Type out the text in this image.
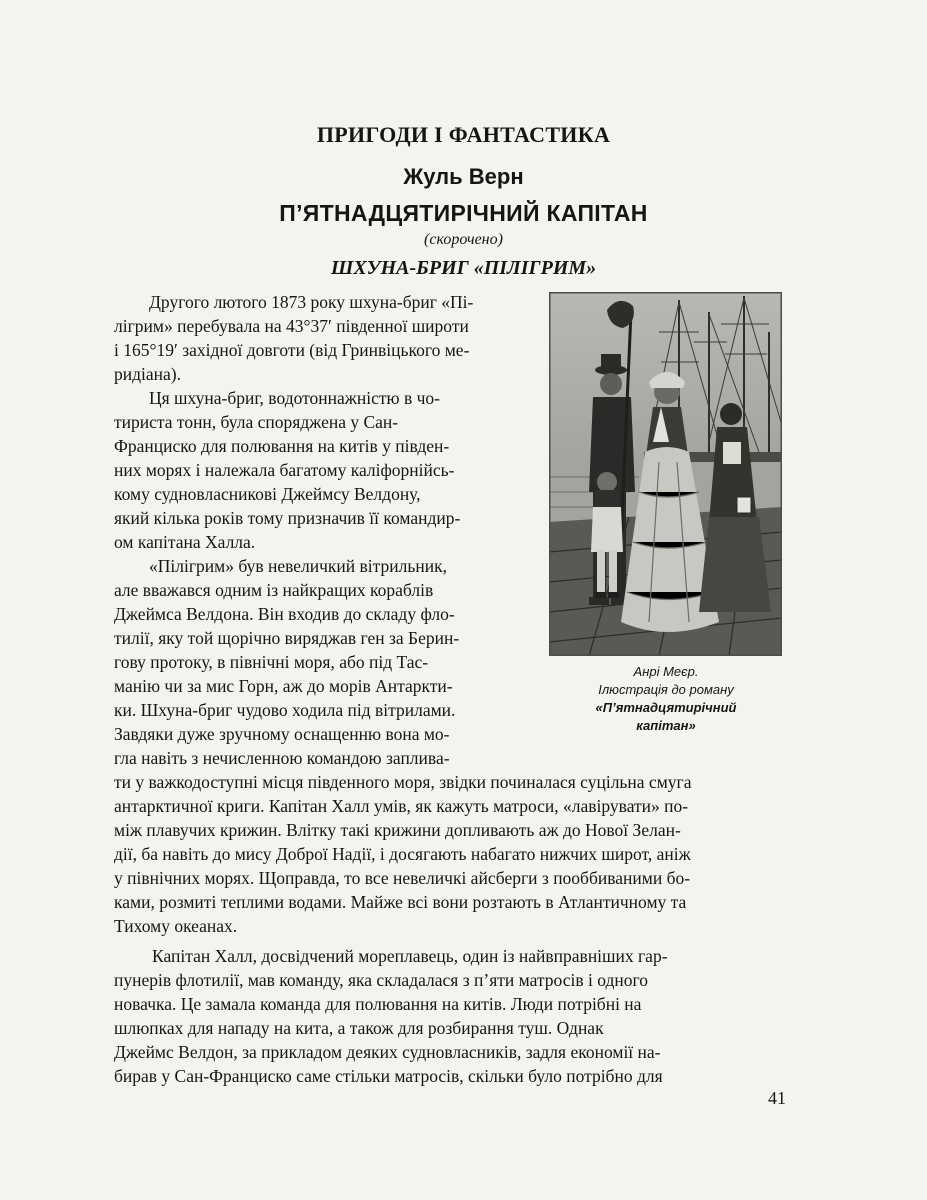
ПРИГОДИ І ФАНТАСТИКА
Жуль Верн
П’ЯТНАДЦЯТИРІЧНИЙ КАПІТАН
(скорочено)
ШХУНА-БРИГ «ПІЛІГРИМ»
Другого лютого 1873 року шхуна-бриг «Пі-
лігрим» перебувала на 43°37′ південної широти
і 165°19′ західної довготи (від Гринвіцького ме-
ридіана).
Ця шхуна-бриг, водотоннажністю в чо-
тириста тонн, була споряджена у Сан-
Франциско для полювання на китів у півден-
них морях і належала багатому каліфорнійсь-
кому судновласникові Джеймсу Велдону,
який кілька років тому призначив її командир-
ом капітана Халла.
«Пілігрим» був невеличкий вітрильник,
але вважався одним із найкращих кораблів
Джеймса Велдона. Він входив до складу фло-
тилії, яку той щорічно виряджав ген за Берин-
гову протоку, в північні моря, або під Тас-
манію чи за мис Горн, аж до морів Антаркти-
ки. Шхуна-бриг чудово ходила під вітрилами.
Завдяки дуже зручному оснащенню вона мо-
гла навіть з нечисленною командою заплива-
ти у важкодоступні місця південного моря, звідки починалася суцільна смуга
антарктичної криги. Капітан Халл умів, як кажуть матроси, «лавірувати» по-
між плавучих крижин. Влітку такі крижини допливають аж до Нової Зелан-
дії, ба навіть до мису Доброї Надії, і досягають набагато нижчих широт, аніж
у північних морях. Щоправда, то все невеличкі айсберги з пооббиваними бо-
ками, розмиті теплими водами. Майже всі вони розтають в Атлантичному та
Тихому океанах.
Капітан Халл, досвідчений мореплавець, один із найвправніших гар-
пунерів флотилії, мав команду, яка складалася з п’яти матросів і одного
новачка. Це замала команда для полювання на китів. Люди потрібні на
шлюпках для нападу на кита, а також для розбирання туш. Однак
Джеймс Велдон, за прикладом деяких судновласників, задля економії на-
бирав у Сан-Франциско саме стільки матросів, скільки було потрібно для
Анрі Меєр.
Ілюстрація до роману
«П’ятнадцятирічний
капітан»
41
